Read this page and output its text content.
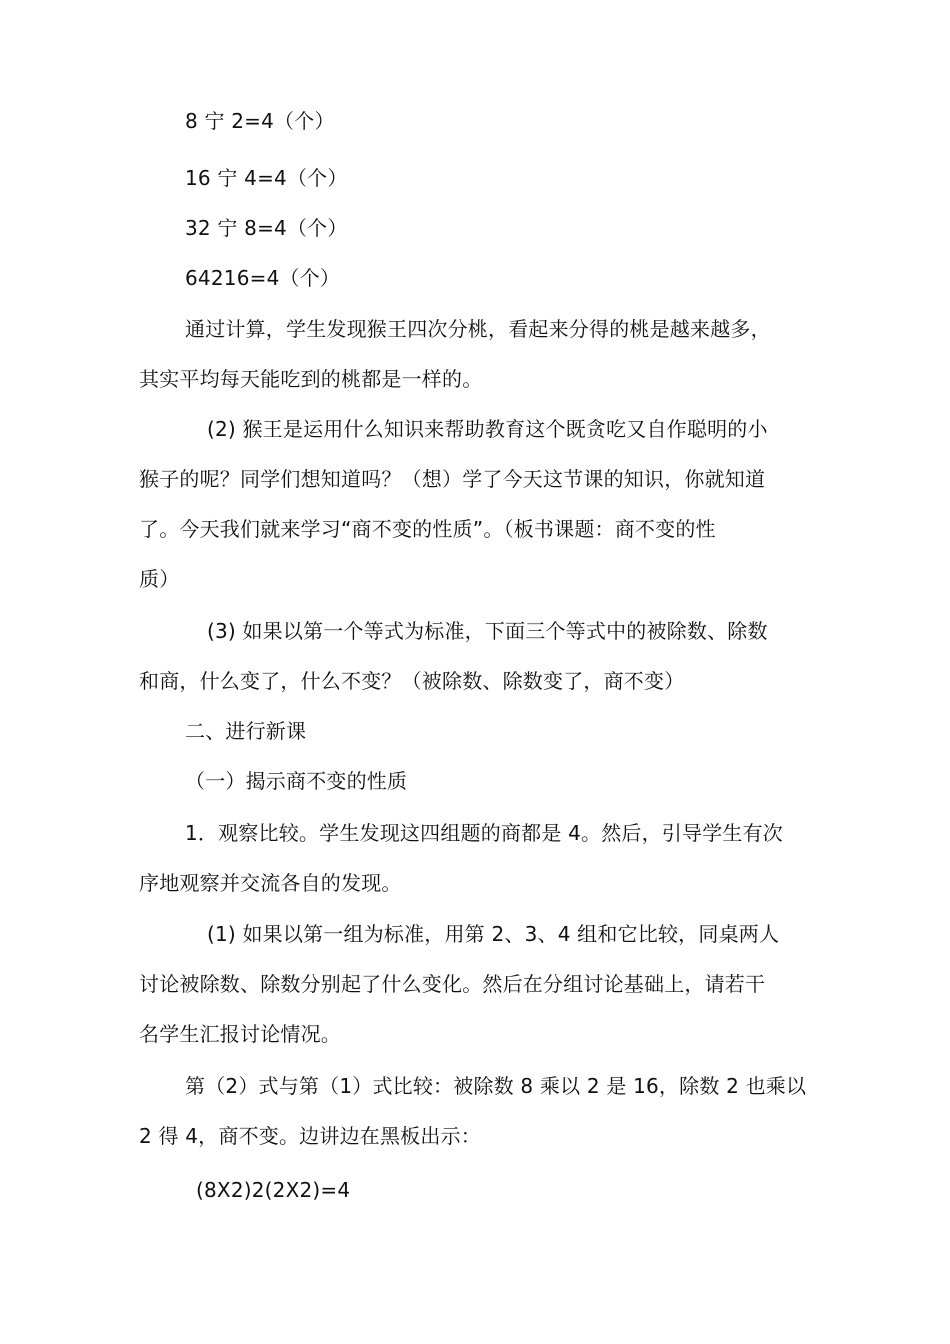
8 宁 2=4（个）
16 宁 4=4（个）
32 宁 8=4（个）
64216=4（个）
通过计算，学生发现猴王四次分桃，看起来分得的桃是越来越多，
其实平均每天能吃到的桃都是一样的。
(2) 猴王是运用什么知识来帮助教育这个既贪吃又自作聪明的小
猴子的呢？同学们想知道吗？（想）学了今天这节课的知识，你就知道
了。今天我们就来学习“商不变的性质”。（板书课题：商不变的性
质）
(3) 如果以第一个等式为标准，下面三个等式中的被除数、除数
和商，什么变了，什么不变？（被除数、除数变了，商不变）
二、进行新课
（一）揭示商不变的性质
1．观察比较。学生发现这四组题的商都是 4。然后，引导学生有次
序地观察并交流各自的发现。
(1) 如果以第一组为标准，用第 2、3、4 组和它比较，同桌两人
讨论被除数、除数分别起了什么变化。然后在分组讨论基础上，请若干
名学生汇报讨论情况。
第（2）式与第（1）式比较：被除数 8 乘以 2 是 16，除数 2 也乘以
2 得 4，商不变。边讲边在黑板出示：
(8X2)2(2X2)=4
